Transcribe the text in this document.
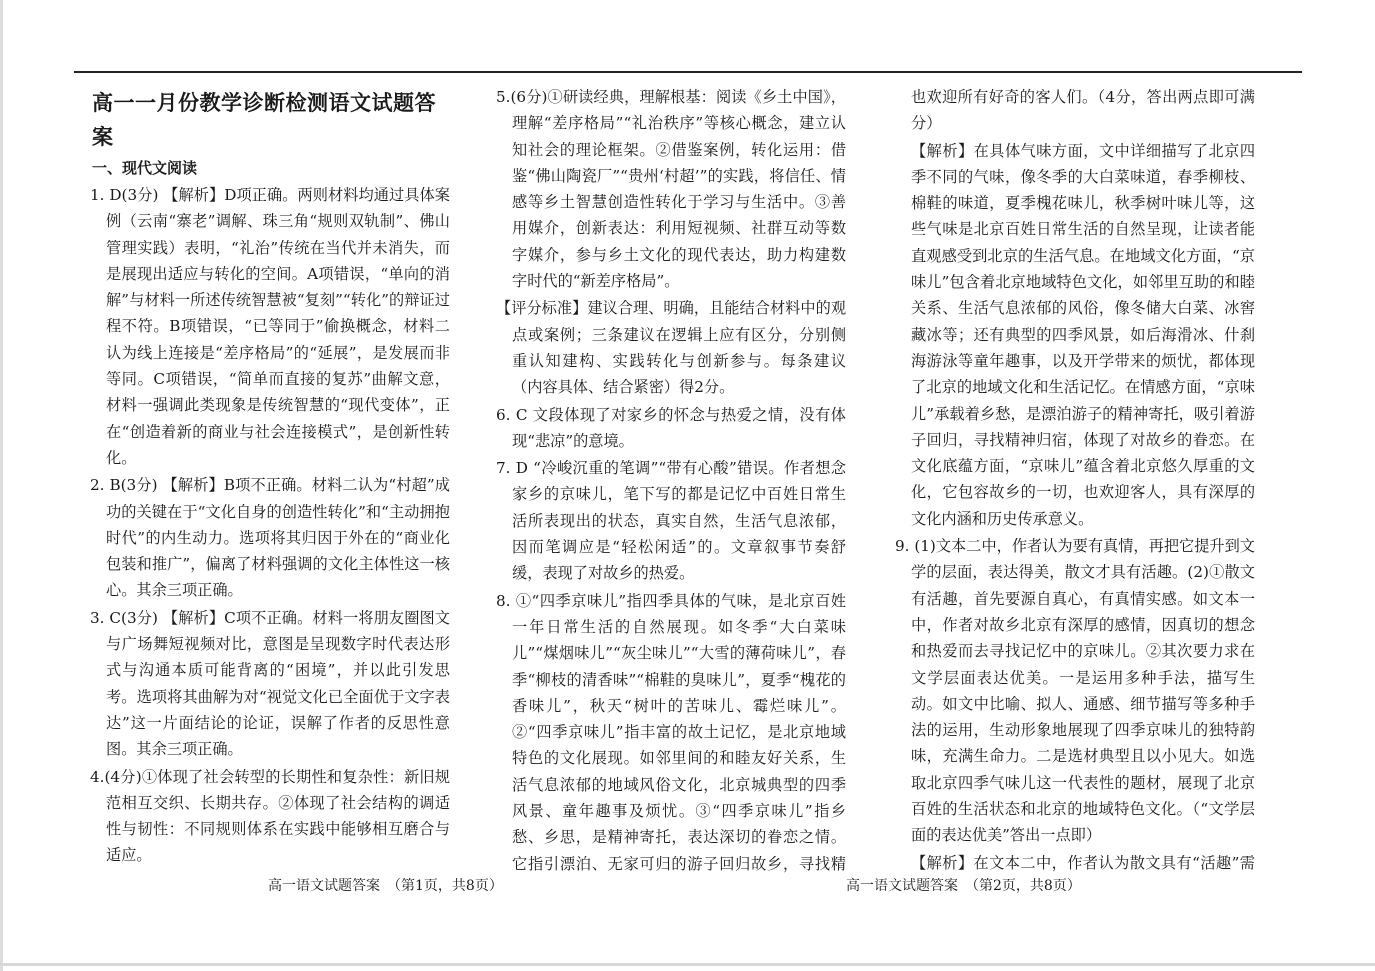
高一一月份教学诊断检测语文试题答案
一、现代文阅读

1. D(3分) 【解析】D项正确。两则材料均通过具体案例（云南“寨老”调解、珠三角“规则双轨制”、佛山管理实践）表明，“礼治”传统在当代并未消失，而是展现出适应与转化的空间。A项错误，“单向的消解”与材料一所述传统智慧被“复刻”“转化”的辩证过程不符。B项错误，“已等同于”偷换概念，材料二认为线上连接是“差序格局”的“延展”，是发展而非等同。C项错误，“简单而直接的复苏”曲解文意，材料一强调此类现象是传统智慧的“现代变体”，正在“创造着新的商业与社会连接模式”，是创新性转化。

2. B(3分) 【解析】B项不正确。材料二认为“村超”成功的关键在于“文化自身的创造性转化”和“主动拥抱时代”的内生动力。选项将其归因于外在的“商业化包装和推广”，偏离了材料强调的文化主体性这一核心。其余三项正确。

3. C(3分) 【解析】C项不正确。材料一将朋友圈图文与广场舞短视频对比，意图是呈现数字时代表达形式与沟通本质可能背离的“困境”，并以此引发思考。选项将其曲解为对“视觉文化已全面优于文字表达”这一片面结论的论证，误解了作者的反思性意图。其余三项正确。

4.(4分)①体现了社会转型的长期性和复杂性：新旧规范相互交织、长期共存。②体现了社会结构的调适性与韧性：不同规则体系在实践中能够相互磨合与适应。

5.(6分)①研读经典，理解根基：阅读《乡土中国》，理解“差序格局”“礼治秩序”等核心概念，建立认知社会的理论框架。②借鉴案例，转化运用：借鉴“佛山陶瓷厂”“贵州‘村超’”的实践，将信任、情感等乡土智慧创造性转化于学习与生活中。③善用媒介，创新表达：利用短视频、社群互动等数字媒介，参与乡土文化的现代表达，助力构建数字时代的“新差序格局”。

【评分标准】建议合理、明确，且能结合材料中的观点或案例；三条建议在逻辑上应有区分，分别侧重认知建构、实践转化与创新参与。每条建议（内容具体、结合紧密）得2分。

6. C 文段体现了对家乡的怀念与热爱之情，没有体现“悲凉”的意境。

7. D “冷峻沉重的笔调”“带有心酸”错误。作者想念家乡的京味儿，笔下写的都是记忆中百姓日常生活所表现出的状态，真实自然，生活气息浓郁，因而笔调应是“轻松闲适”的。文章叙事节奏舒缓，表现了对故乡的热爱。

8. ①“四季京味儿”指四季具体的气味，是北京百姓一年日常生活的自然展现。如冬季“大白菜味儿”“煤烟味儿”“灰尘味儿”“大雪的薄荷味儿”，春季“柳枝的清香味”“棉鞋的臭味儿”，夏季“槐花的香味儿”，秋天“树叶的苦味儿、霉烂味儿”。②“四季京味儿”指丰富的故土记忆，是北京地域特色的文化展现。如邻里间的和睦友好关系，生活气息浓郁的地域风俗文化，北京城典型的四季风景、童年趣事及烦忧。③“四季京味儿”指乡愁、乡思，是精神寄托，表达深切的眷恋之情。它指引漂泊、无家可归的游子回归故乡，寻找精

也欢迎所有好奇的客人们。（4分，答出两点即可满分）

【解析】在具体气味方面，文中详细描写了北京四季不同的气味，像冬季的大白菜味道，春季柳枝、棉鞋的味道，夏季槐花味儿，秋季树叶味儿等，这些气味是北京百姓日常生活的自然呈现，让读者能直观感受到北京的生活气息。在地域文化方面，“京味儿”包含着北京地域特色文化，如邻里互助的和睦关系、生活气息浓郁的风俗，像冬储大白菜、冰窖藏冰等；还有典型的四季风景，如后海滑冰、什刹海游泳等童年趣事，以及开学带来的烦忧，都体现了北京的地域文化和生活记忆。在情感方面，“京味儿”承载着乡愁，是漂泊游子的精神寄托，吸引着游子回归，寻找精神归宿，体现了对故乡的眷恋。在文化底蕴方面，“京味儿”蕴含着北京悠久厚重的文化，它包容故乡的一切，也欢迎客人，具有深厚的文化内涵和历史传承意义。

9. (1)文本二中，作者认为要有真情，再把它提升到文学的层面，表达得美，散文才具有活趣。(2)①散文有活趣，首先要源自真心，有真情实感。如文本一中，作者对故乡北京有深厚的感情，因真切的想念和热爱而去寻找记忆中的京味儿。②其次要力求在文学层面表达优美。一是运用多种手法，描写生动。如文中比喻、拟人、通感、细节描写等多种手法的运用，生动形象地展现了四季京味儿的独特韵味，充满生命力。二是选材典型且以小见大。如选取北京四季气味儿这一代表性的题材，展现了北京百姓的生活状态和北京的地域特色文化。（“文学层面的表达优美”答出一点即）

【解析】在文本二中，作者认为散文具有“活趣”需

高一语文试题答案　（第1页，共8页）	高一语文试题答案　（第2页，共8页）
